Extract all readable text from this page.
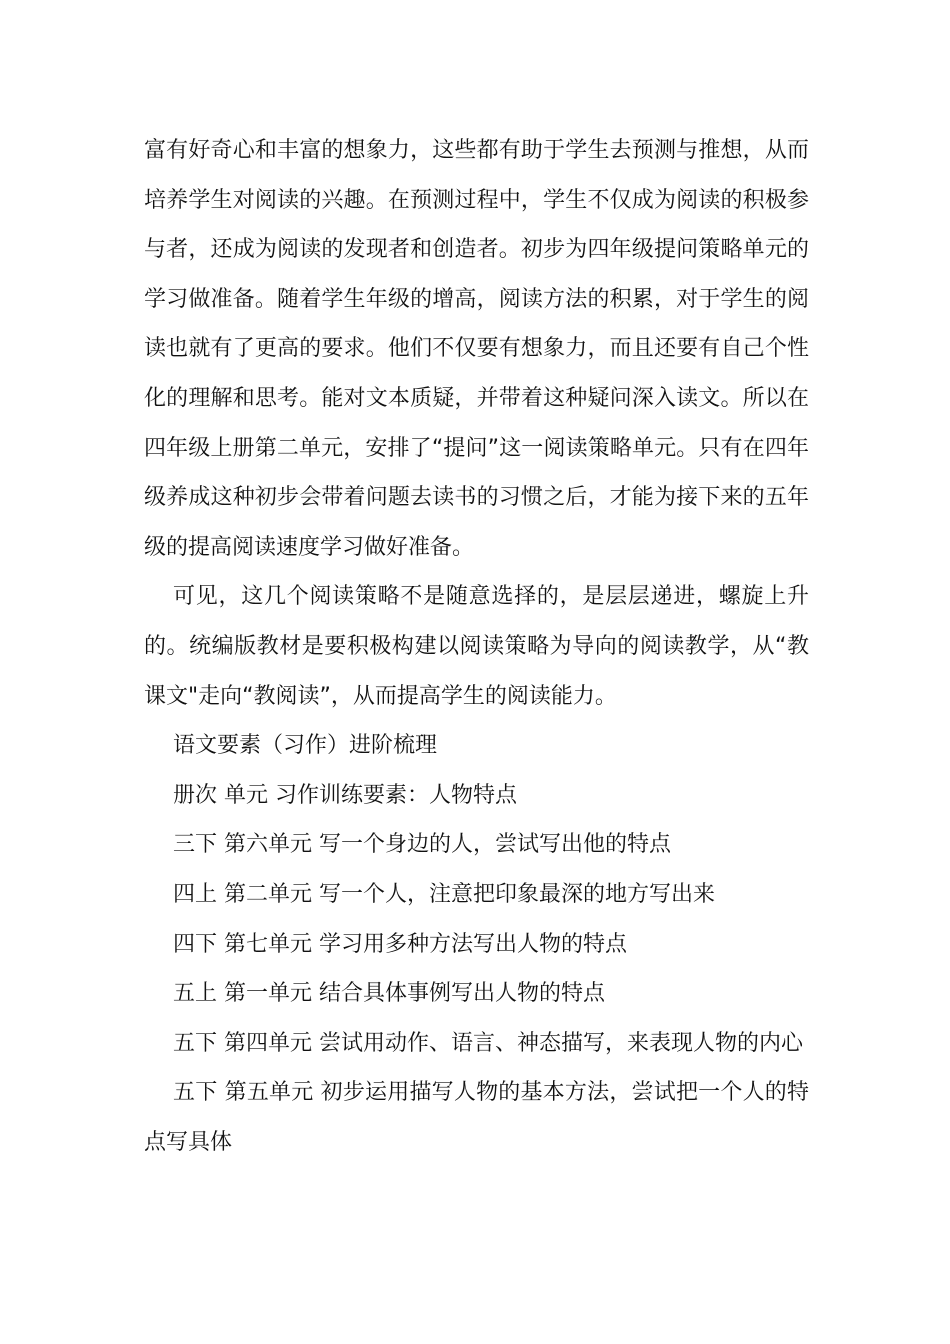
富有好奇心和丰富的想象力，这些都有助于学生去预测与推想，从而培养学生对阅读的兴趣。在预测过程中，学生不仅成为阅读的积极参与者，还成为阅读的发现者和创造者。初步为四年级提问策略单元的学习做准备。随着学生年级的增高，阅读方法的积累，对于学生的阅读也就有了更高的要求。他们不仅要有想象力，而且还要有自己个性化的理解和思考。能对文本质疑，并带着这种疑问深入读文。所以在四年级上册第二单元，安排了“提问”这一阅读策略单元。只有在四年级养成这种初步会带着问题去读书的习惯之后，才能为接下来的五年级的提高阅读速度学习做好准备。

可见，这几个阅读策略不是随意选择的，是层层递进，螺旋上升的。统编版教材是要积极构建以阅读策略为导向的阅读教学，从“教课文"走向“教阅读”，从而提高学生的阅读能力。

语文要素（习作）进阶梳理

册次 单元 习作训练要素：人物特点

三下 第六单元 写一个身边的人，尝试写出他的特点

四上 第二单元 写一个人，注意把印象最深的地方写出来

四下 第七单元 学习用多种方法写出人物的特点

五上 第一单元 结合具体事例写出人物的特点

五下 第四单元 尝试用动作、语言、神态描写，来表现人物的内心

五下 第五单元 初步运用描写人物的基本方法，尝试把一个人的特点写具体
